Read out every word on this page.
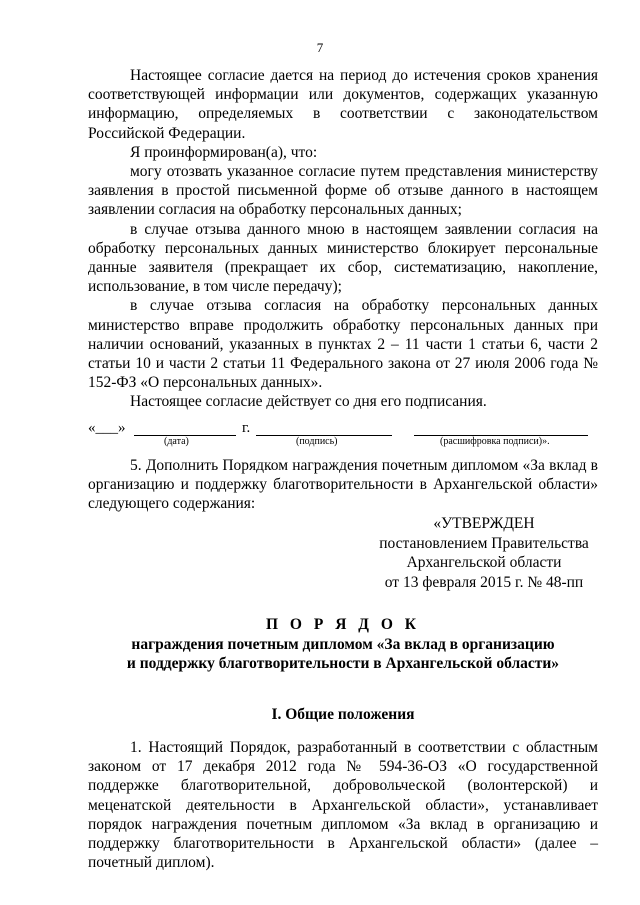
7

Настоящее согласие дается на период до истечения сроков хранения соответствующей информации или документов, содержащих указанную информацию, определяемых в соответствии с законодательством Российской Федерации.

Я проинформирован(а), что:

могу отозвать указанное согласие путем представления министерству заявления в простой письменной форме об отзыве данного в настоящем заявлении согласия на обработку персональных данных;

в случае отзыва данного мною в настоящем заявлении согласия на обработку персональных данных министерство блокирует персональные данные заявителя (прекращает их сбор, систематизацию, накопление, использование, в том числе передачу);

в случае отзыва согласия на обработку персональных данных министерство вправе продолжить обработку персональных данных при наличии оснований, указанных в пунктах 2 – 11 части 1 статьи 6, части 2 статьи 10 и части 2 статьи 11 Федерального закона от 27 июля 2006 года № 152-ФЗ «О персональных данных».

Настоящее согласие действует со дня его подписания.

«___»	г.
(дата)	(подпись)	(расшифровка подписи)».

5. Дополнить Порядком награждения почетным дипломом «За вклад в организацию и поддержку благотворительности в Архангельской области» следующего содержания:

«УТВЕРЖДЕН
постановлением Правительства
Архангельской области
от 13 февраля 2015 г. № 48-пп
П О Р Я Д О К
награждения почетным дипломом «За вклад в организацию
и поддержку благотворительности в Архангельской области»
I. Общие положения

1. Настоящий Порядок, разработанный в соответствии с областным законом от 17 декабря 2012 года № 594-36-ОЗ «О государственной поддержке благотворительной, добровольческой (волонтерской) и меценатской деятельности в Архангельской области», устанавливает порядок награждения почетным дипломом «За вклад в организацию и поддержку благотворительности в Архангельской области» (далее – почетный диплом).
